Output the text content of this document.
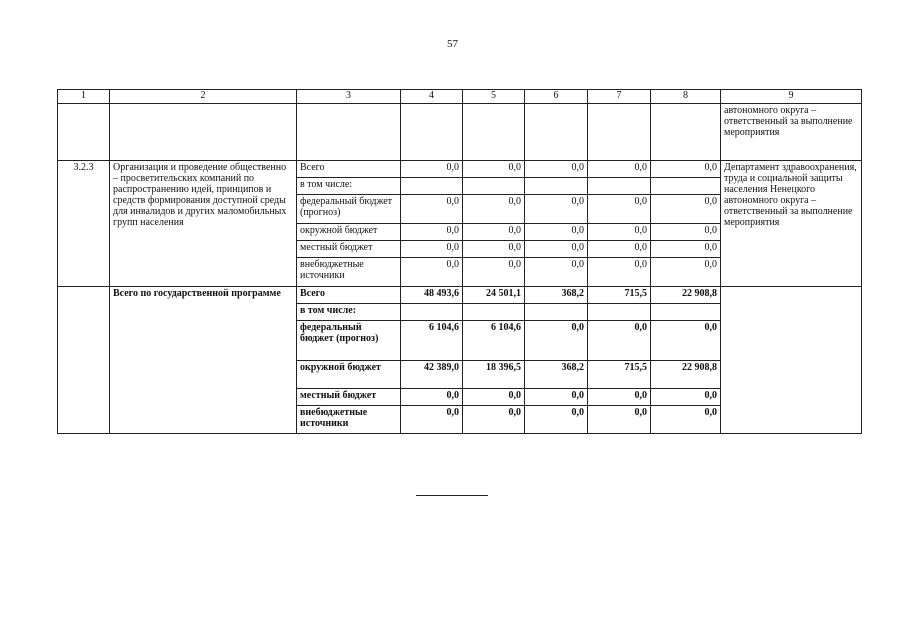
57
1	2	3	4	5	6	7	8	9
								автономного округа – ответственный за выполнение мероприятия
3.2.3	Организация и проведение общественно – просветительских компаний по распространению идей, принципов и средств формирования доступной среды для инвалидов и других маломобильных групп населения	Всего	0,0	0,0	0,0	0,0	0,0	Департамент здравоохранения, труда и социальной защиты населения Ненецкого автономного округа – ответственный за выполнение мероприятия
		в том числе:						
		федеральный бюджет (прогноз)	0,0	0,0	0,0	0,0	0,0	
		окружной бюджет	0,0	0,0	0,0	0,0	0,0	
		местный бюджет	0,0	0,0	0,0	0,0	0,0	
		внебюджетные источники	0,0	0,0	0,0	0,0	0,0	
	Всего по государственной программе	Всего	48 493,6	24 501,1	368,2	715,5	22 908,8	
		в том числе:						
		федеральный бюджет (прогноз)	6 104,6	6 104,6	0,0	0,0	0,0	
		окружной бюджет	42 389,0	18 396,5	368,2	715,5	22 908,8	
		местный бюджет	0,0	0,0	0,0	0,0	0,0	
		внебюджетные источники	0,0	0,0	0,0	0,0	0,0	
